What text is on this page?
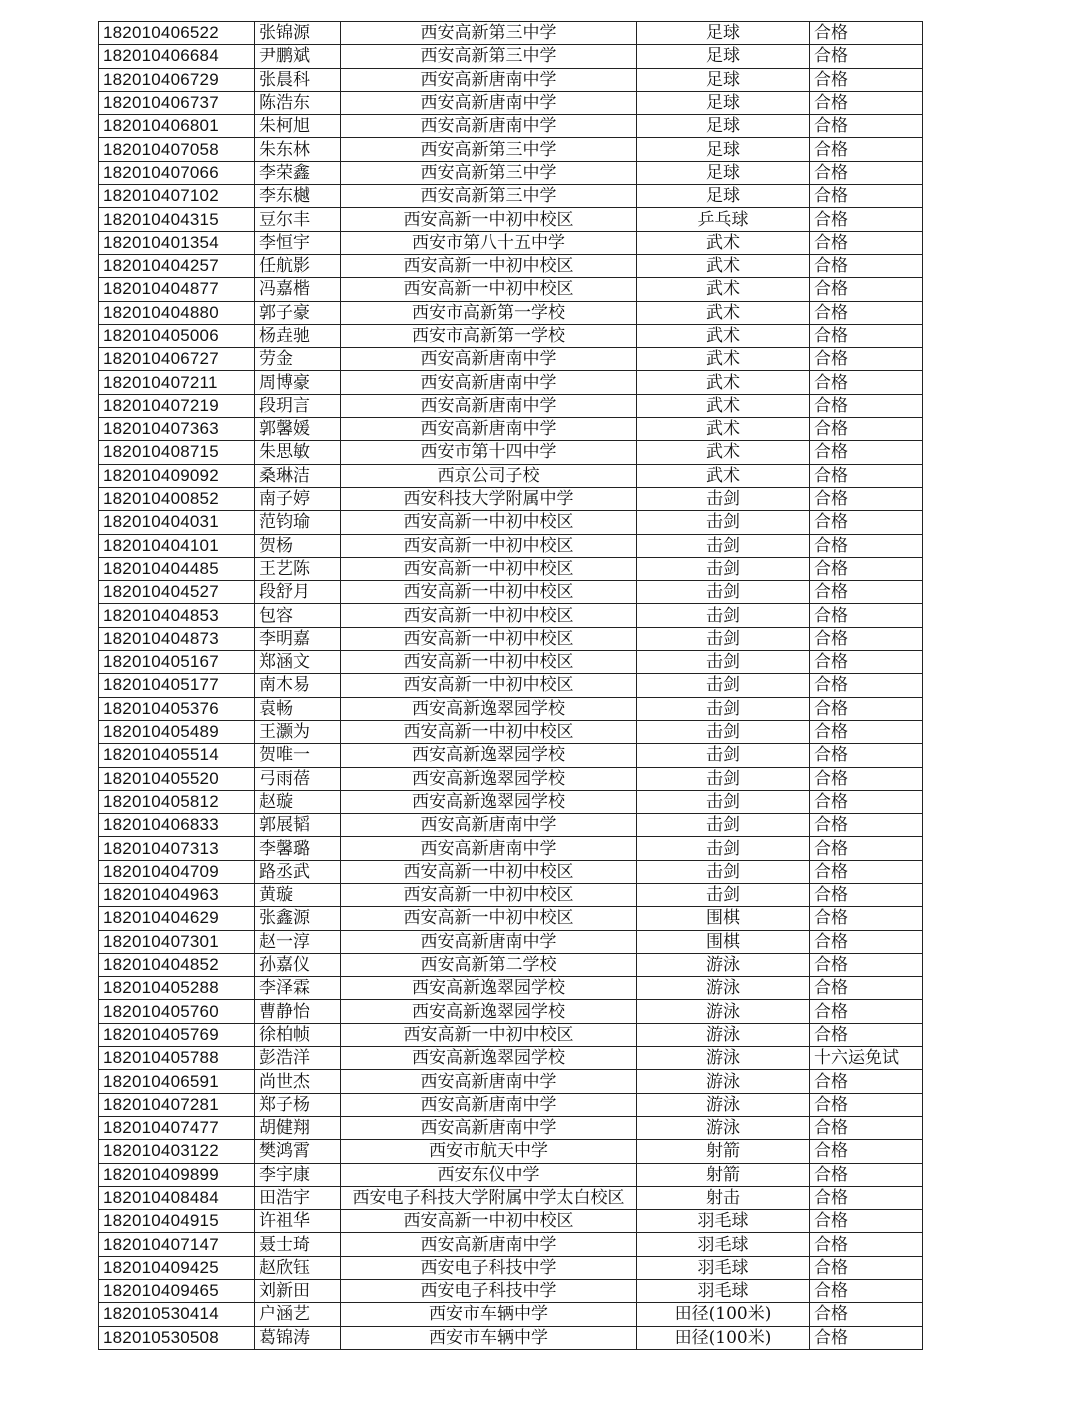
182010406522	张锦源	西安高新第三中学	足球	合格
182010406684	尹鹏斌	西安高新第三中学	足球	合格
182010406729	张晨科	西安高新唐南中学	足球	合格
182010406737	陈浩东	西安高新唐南中学	足球	合格
182010406801	朱柯旭	西安高新唐南中学	足球	合格
182010407058	朱东林	西安高新第三中学	足球	合格
182010407066	李荣鑫	西安高新第三中学	足球	合格
182010407102	李东樾	西安高新第三中学	足球	合格
182010404315	豆尔丰	西安高新一中初中校区	乒乓球	合格
182010401354	李恒宇	西安市第八十五中学	武术	合格
182010404257	任航影	西安高新一中初中校区	武术	合格
182010404877	冯嘉楷	西安高新一中初中校区	武术	合格
182010404880	郭子豪	西安市高新第一学校	武术	合格
182010405006	杨垚驰	西安市高新第一学校	武术	合格
182010406727	劳金	西安高新唐南中学	武术	合格
182010407211	周博豪	西安高新唐南中学	武术	合格
182010407219	段玥言	西安高新唐南中学	武术	合格
182010407363	郭馨媛	西安高新唐南中学	武术	合格
182010408715	朱思敏	西安市第十四中学	武术	合格
182010409092	桑琳洁	西京公司子校	武术	合格
182010400852	南子婷	西安科技大学附属中学	击剑	合格
182010404031	范钧瑜	西安高新一中初中校区	击剑	合格
182010404101	贺杨	西安高新一中初中校区	击剑	合格
182010404485	王艺陈	西安高新一中初中校区	击剑	合格
182010404527	段舒月	西安高新一中初中校区	击剑	合格
182010404853	包容	西安高新一中初中校区	击剑	合格
182010404873	李明嘉	西安高新一中初中校区	击剑	合格
182010405167	郑涵文	西安高新一中初中校区	击剑	合格
182010405177	南木易	西安高新一中初中校区	击剑	合格
182010405376	袁畅	西安高新逸翠园学校	击剑	合格
182010405489	王灏为	西安高新一中初中校区	击剑	合格
182010405514	贺唯一	西安高新逸翠园学校	击剑	合格
182010405520	弓雨蓓	西安高新逸翠园学校	击剑	合格
182010405812	赵璇	西安高新逸翠园学校	击剑	合格
182010406833	郭展韬	西安高新唐南中学	击剑	合格
182010407313	李馨璐	西安高新唐南中学	击剑	合格
182010404709	路丞武	西安高新一中初中校区	击剑	合格
182010404963	黄璇	西安高新一中初中校区	击剑	合格
182010404629	张鑫源	西安高新一中初中校区	围棋	合格
182010407301	赵一淳	西安高新唐南中学	围棋	合格
182010404852	孙嘉仪	西安高新第二学校	游泳	合格
182010405288	李泽霖	西安高新逸翠园学校	游泳	合格
182010405760	曹静怡	西安高新逸翠园学校	游泳	合格
182010405769	徐柏帧	西安高新一中初中校区	游泳	合格
182010405788	彭浩洋	西安高新逸翠园学校	游泳	十六运免试
182010406591	尚世杰	西安高新唐南中学	游泳	合格
182010407281	郑子杨	西安高新唐南中学	游泳	合格
182010407477	胡健翔	西安高新唐南中学	游泳	合格
182010403122	樊鸿霄	西安市航天中学	射箭	合格
182010409899	李宇康	西安东仪中学	射箭	合格
182010408484	田浩宇	西安电子科技大学附属中学太白校区	射击	合格
182010404915	许祖华	西安高新一中初中校区	羽毛球	合格
182010407147	聂士琦	西安高新唐南中学	羽毛球	合格
182010409425	赵欣钰	西安电子科技中学	羽毛球	合格
182010409465	刘新田	西安电子科技中学	羽毛球	合格
182010530414	户涵艺	西安市车辆中学	田径(100米)	合格
182010530508	葛锦涛	西安市车辆中学	田径(100米)	合格
